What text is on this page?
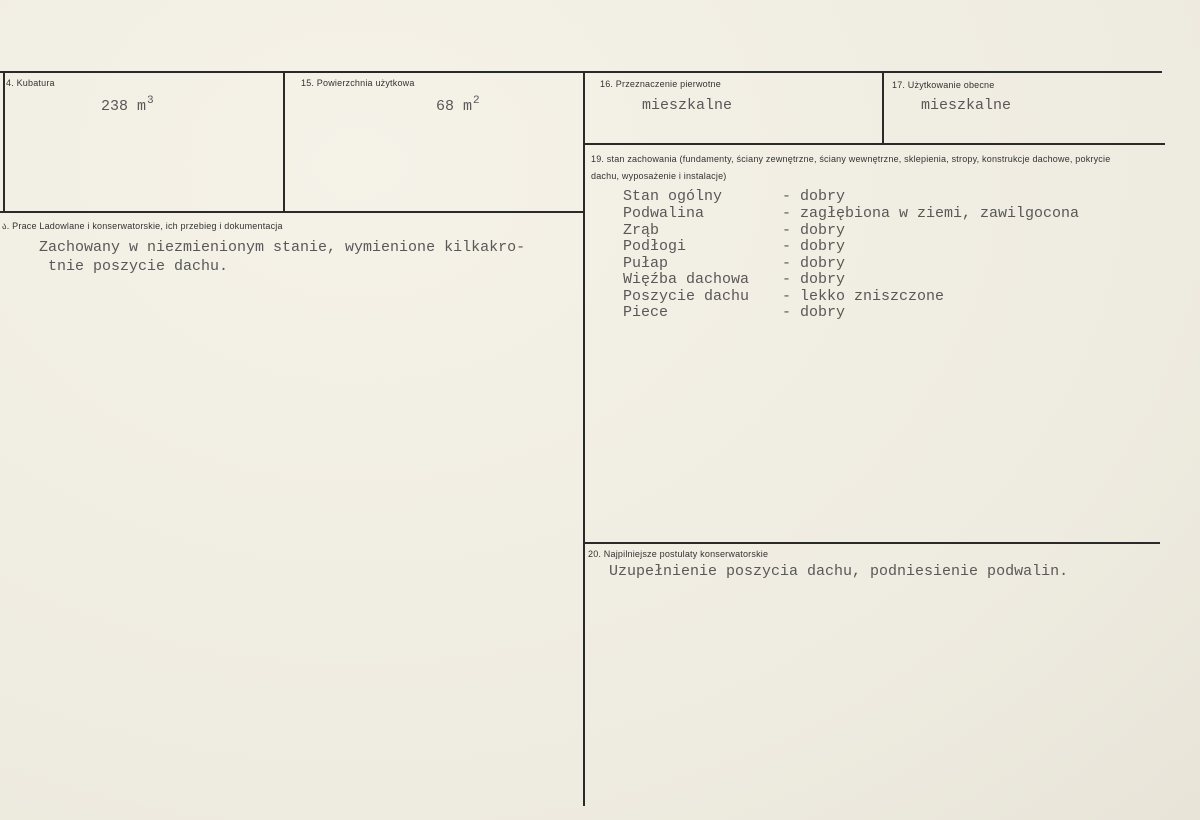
4. Kubatura
238 $m^3$
15. Powierzchnia użytkowa
68 $m^2$
16. Przeznaczenie pierwotne
mieszkalne
17. Użytkowanie obecne
mieszkalne
ა. Prace Ladowlane i konserwatorskie, ich przebieg i dokumentacja
Zachowany w niezmienionym stanie, wymienione kilkakro-
tnie poszycie dachu.
19. stan zachowania (fundamenty, ściany zewnętrzne, ściany wewnętrzne, sklepienia, stropy, konstrukcje dachowe, pokrycie dachu, wyposażenie i instalacje)
Stan ogólny	- dobry
Podwalina	- zagłębiona w ziemi, zawilgocona
Zrąb	- dobry
Podłogi	- dobry
Pułap	- dobry
Więźba dachowa - dobry
Poszycie dachu - lekko zniszczone
Piece	- dobry
20. Najpilniejsze postulaty konserwatorskie
Uzupełnienie poszycia dachu, podniesienie podwalin.
